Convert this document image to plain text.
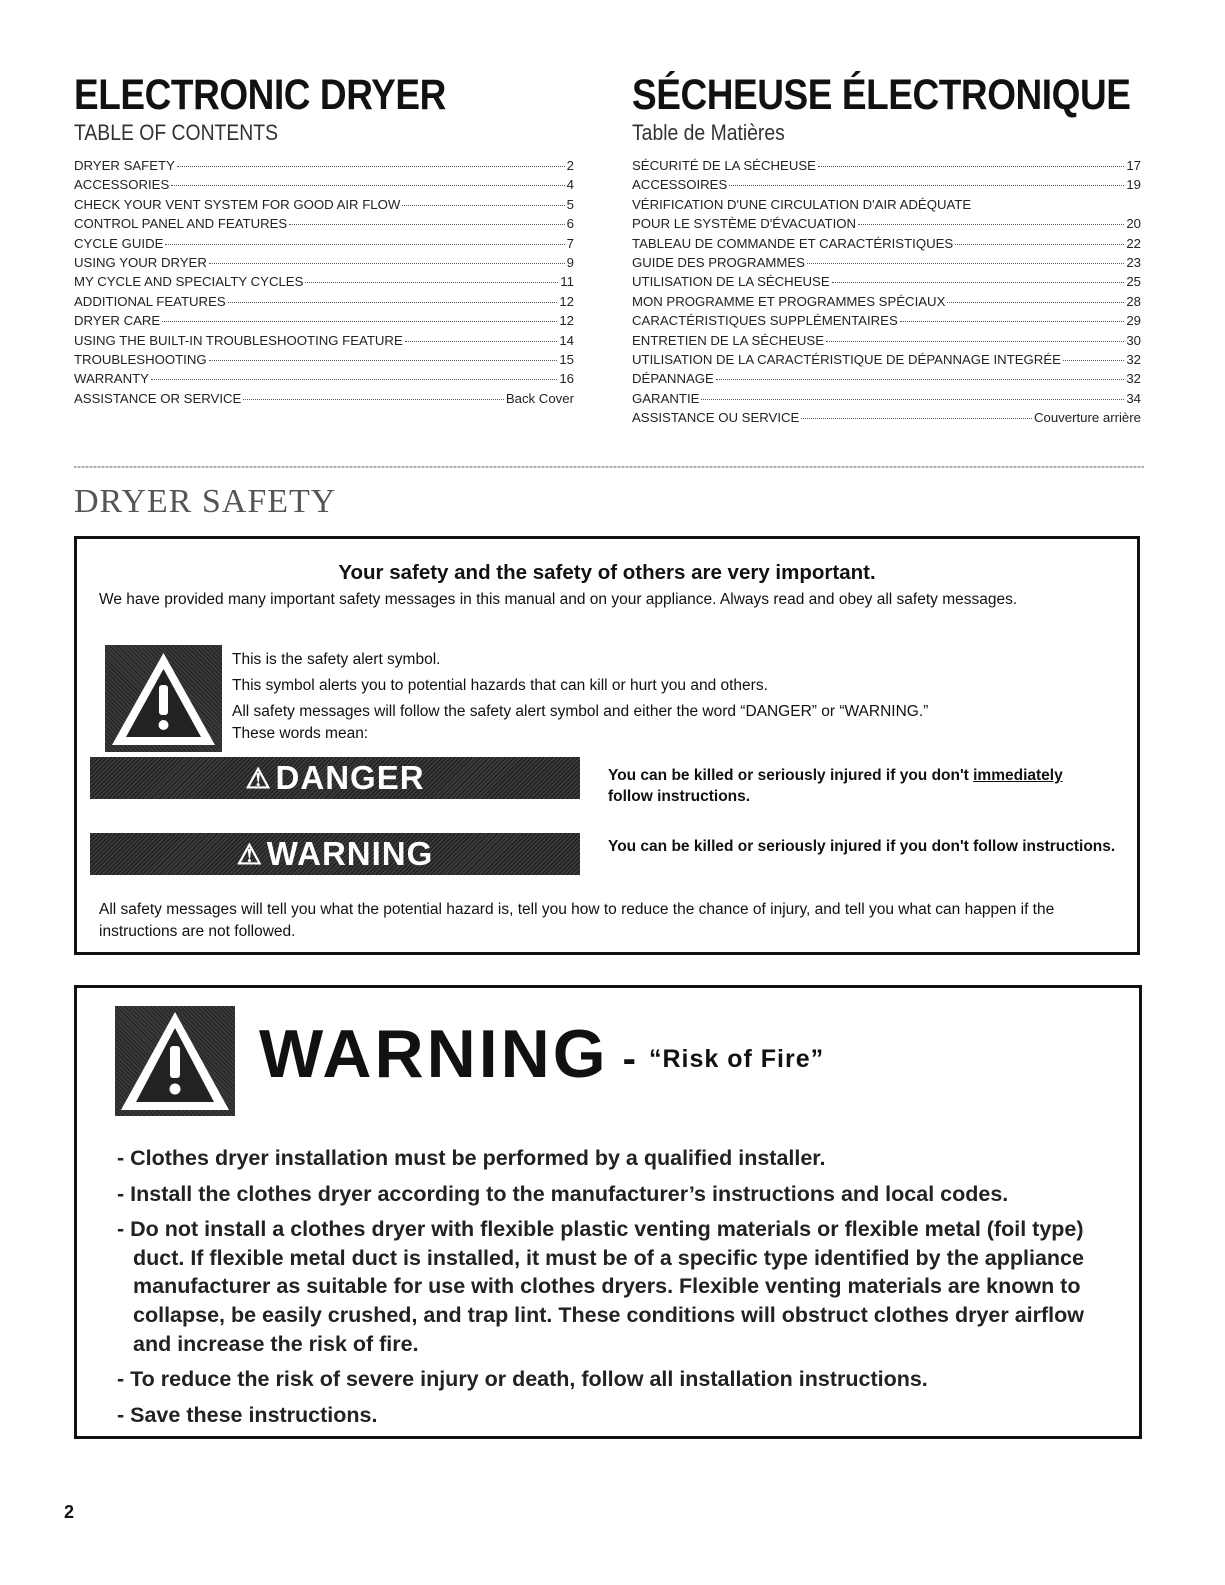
ELECTRONIC DRYER
TABLE OF CONTENTS
DRYER SAFETY	2
ACCESSORIES	4
CHECK YOUR VENT SYSTEM FOR GOOD AIR FLOW	5
CONTROL PANEL AND FEATURES	6
CYCLE GUIDE	7
USING YOUR DRYER	9
MY CYCLE AND SPECIALTY CYCLES	11
ADDITIONAL FEATURES	12
DRYER CARE	12
USING THE BUILT-IN TROUBLESHOOTING FEATURE	14
TROUBLESHOOTING	15
WARRANTY	16
ASSISTANCE OR SERVICE	Back Cover
SÉCHEUSE ÉLECTRONIQUE
Table de Matières
SÉCURITÉ DE LA SÉCHEUSE	17
ACCESSOIRES	19
VÉRIFICATION D'UNE CIRCULATION D'AIR ADÉQUATE
POUR LE SYSTÈME D'ÉVACUATION	20
TABLEAU DE COMMANDE ET CARACTÉRISTIQUES	22
GUIDE DES PROGRAMMES	23
UTILISATION DE LA SÉCHEUSE	25
MON PROGRAMME ET PROGRAMMES SPÉCIAUX	28
CARACTÉRISTIQUES SUPPLÉMENTAIRES	29
ENTRETIEN DE LA SÉCHEUSE	30
UTILISATION DE LA CARACTÉRISTIQUE DE DÉPANNAGE INTEGRÉE	32
DÉPANNAGE	32
GARANTIE	34
ASSISTANCE OU SERVICE	Couverture arrière
DRYER SAFETY
Your safety and the safety of others are very important.
We have provided many important safety messages in this manual and on your appliance. Always read and obey all safety messages.

This is the safety alert symbol.

This symbol alerts you to potential hazards that can kill or hurt you and others.

All safety messages will follow the safety alert symbol and either the word “DANGER” or “WARNING.”

These words mean:

⚠ DANGER	You can be killed or seriously injured if you don't immediately
follow instructions.
⚠ WARNING	You can be killed or seriously injured if you don't follow instructions.
All safety messages will tell you what the potential hazard is, tell you how to reduce the chance of injury, and tell you what can happen if the instructions are not followed.
WARNING - “Risk of Fire”
- Clothes dryer installation must be performed by a qualified installer.
- Install the clothes dryer according to the manufacturer’s instructions and local codes.
- Do not install a clothes dryer with flexible plastic venting materials or flexible metal (foil type) duct. If flexible metal duct is installed, it must be of a specific type identified by the appliance manufacturer as suitable for use with clothes dryers. Flexible venting materials are known to collapse, be easily crushed, and trap lint. These conditions will obstruct clothes dryer airflow and increase the risk of fire.
- To reduce the risk of severe injury or death, follow all installation instructions.
- Save these instructions.
2
